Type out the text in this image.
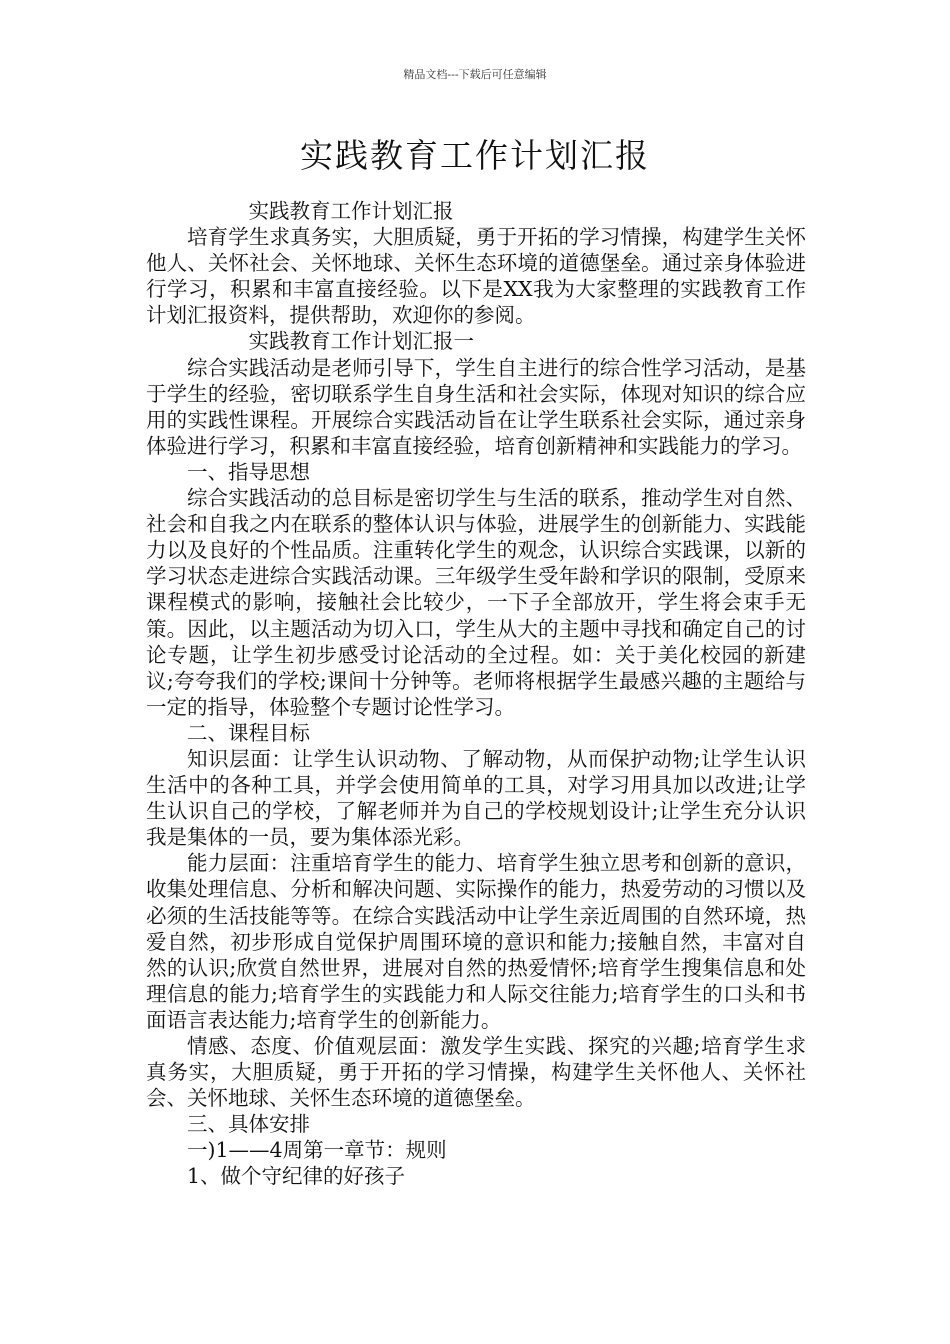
精品文档---下载后可任意编辑
实践教育工作计划汇报

实践教育工作计划汇报

培育学生求真务实，大胆质疑，勇于开拓的学习情操，构建学生关怀他人、关怀社会、关怀地球、关怀生态环境的道德堡垒。通过亲身体验进行学习，积累和丰富直接经验。以下是XX我为大家整理的实践教育工作计划汇报资料，提供帮助，欢迎你的参阅。

实践教育工作计划汇报一

综合实践活动是老师引导下，学生自主进行的综合性学习活动，是基于学生的经验，密切联系学生自身生活和社会实际，体现对知识的综合应用的实践性课程。开展综合实践活动旨在让学生联系社会实际，通过亲身体验进行学习，积累和丰富直接经验，培育创新精神和实践能力的学习。

一、指导思想

综合实践活动的总目标是密切学生与生活的联系，推动学生对自然、社会和自我之内在联系的整体认识与体验，进展学生的创新能力、实践能力以及良好的个性品质。注重转化学生的观念，认识综合实践课，以新的学习状态走进综合实践活动课。三年级学生受年龄和学识的限制，受原来课程模式的影响，接触社会比较少，一下子全部放开，学生将会束手无策。因此，以主题活动为切入口，学生从大的主题中寻找和确定自己的讨论专题，让学生初步感受讨论活动的全过程。如：关于美化校园的新建议;夸夸我们的学校;课间十分钟等。老师将根据学生最感兴趣的主题给与一定的指导，体验整个专题讨论性学习。

二、课程目标

知识层面：让学生认识动物、了解动物，从而保护动物;让学生认识生活中的各种工具，并学会使用简单的工具，对学习用具加以改进;让学生认识自己的学校，了解老师并为自己的学校规划设计;让学生充分认识我是集体的一员，要为集体添光彩。

能力层面：注重培育学生的能力、培育学生独立思考和创新的意识，收集处理信息、分析和解决问题、实际操作的能力，热爱劳动的习惯以及必须的生活技能等等。在综合实践活动中让学生亲近周围的自然环境，热爱自然，初步形成自觉保护周围环境的意识和能力;接触自然，丰富对自然的认识;欣赏自然世界，进展对自然的热爱情怀;培育学生搜集信息和处理信息的能力;培育学生的实践能力和人际交往能力;培育学生的口头和书面语言表达能力;培育学生的创新能力。

情感、态度、价值观层面：激发学生实践、探究的兴趣;培育学生求真务实，大胆质疑，勇于开拓的学习情操，构建学生关怀他人、关怀社会、关怀地球、关怀生态环境的道德堡垒。

三、具体安排

一)1——4周第一章节：规则

1、做个守纪律的好孩子
